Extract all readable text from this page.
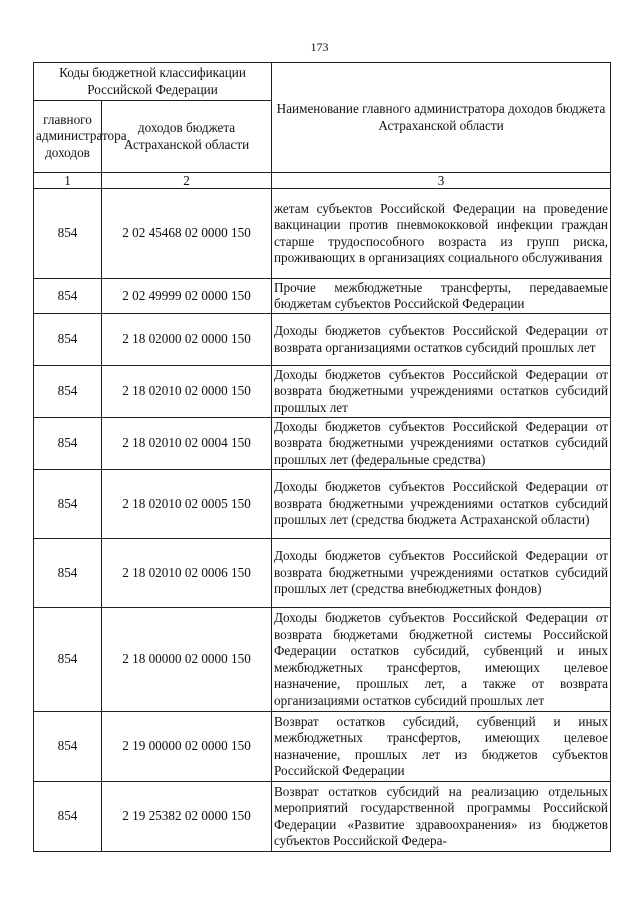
173
Коды бюджетной классификации Российской Федерации		Наименование главного администратора доходов бюджета Астраханской области
главного администратора доходов	доходов бюджета Астраханской области	
1	2	3
854	2 02 45468 02 0000 150	жетам субъектов Российской Федерации на проведение вакцинации против пневмококковой инфекции граждан старше трудоспособного возраста из групп риска, проживающих в организациях социального обслуживания
854	2 02 49999 02 0000 150	Прочие межбюджетные трансферты, передаваемые бюджетам субъектов Российской Федерации
854	2 18 02000 02 0000 150	Доходы бюджетов субъектов Российской Федерации от возврата организациями остатков субсидий прошлых лет
854	2 18 02010 02 0000 150	Доходы бюджетов субъектов Российской Федерации от возврата бюджетными учреждениями остатков субсидий прошлых лет
854	2 18 02010 02 0004 150	Доходы бюджетов субъектов Российской Федерации от возврата бюджетными учреждениями остатков субсидий прошлых лет (федеральные средства)
854	2 18 02010 02 0005 150	Доходы бюджетов субъектов Российской Федерации от возврата бюджетными учреждениями остатков субсидий прошлых лет (средства бюджета Астраханской области)
854	2 18 02010 02 0006 150	Доходы бюджетов субъектов Российской Федерации от возврата бюджетными учреждениями остатков субсидий прошлых лет (средства внебюджетных фондов)
854	2 18 00000 02 0000 150	Доходы бюджетов субъектов Российской Федерации от возврата бюджетами бюджетной системы Российской Федерации остатков субсидий, субвенций и иных межбюджетных трансфертов, имеющих целевое назначение, прошлых лет, а также от возврата организациями остатков субсидий прошлых лет
854	2 19 00000 02 0000 150	Возврат остатков субсидий, субвенций и иных межбюджетных трансфертов, имеющих целевое назначение, прошлых лет из бюджетов субъектов Российской Федерации
854	2 19 25382 02 0000 150	Возврат остатков субсидий на реализацию отдельных мероприятий государственной программы Российской Федерации «Развитие здравоохранения» из бюджетов субъектов Российской Федера-
